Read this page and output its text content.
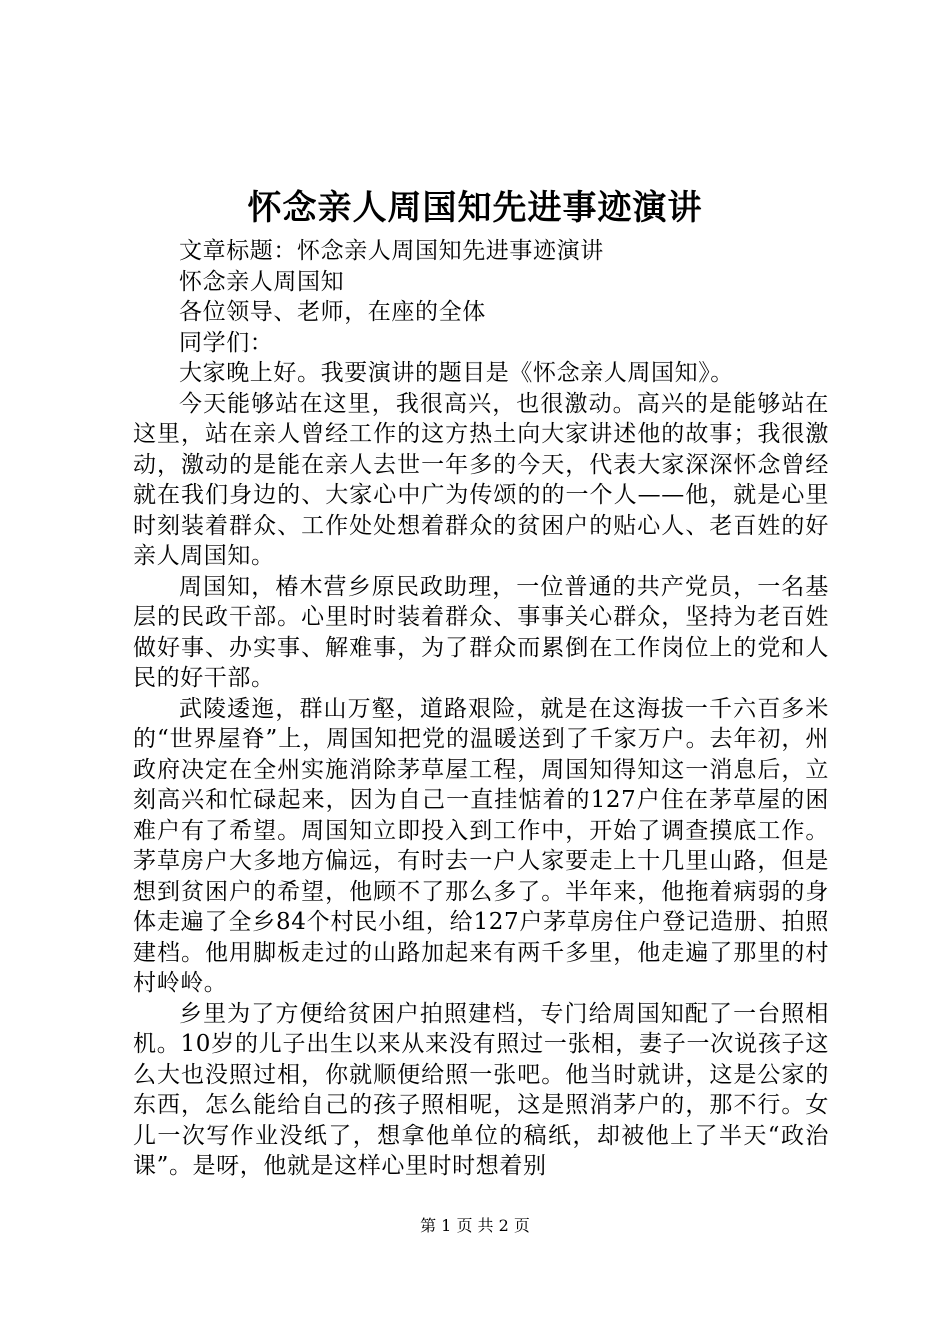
怀念亲人周国知先进事迹演讲

文章标题：怀念亲人周国知先进事迹演讲

怀念亲人周国知

各位领导、老师，在座的全体

同学们：

大家晚上好。我要演讲的题目是《怀念亲人周国知》。

今天能够站在这里，我很高兴，也很激动。高兴的是能够站在这里，站在亲人曾经工作的这方热土向大家讲述他的故事；我很激动，激动的是能在亲人去世一年多的今天，代表大家深深怀念曾经就在我们身边的、大家心中广为传颂的的一个人——他，就是心里时刻装着群众、工作处处想着群众的贫困户的贴心人、老百姓的好亲人周国知。

周国知，椿木营乡原民政助理，一位普通的共产党员，一名基层的民政干部。心里时时装着群众、事事关心群众，坚持为老百姓做好事、办实事、解难事，为了群众而累倒在工作岗位上的党和人民的好干部。

武陵逶迤，群山万壑，道路艰险，就是在这海拔一千六百多米的“世界屋脊”上，周国知把党的温暖送到了千家万户。去年初，州政府决定在全州实施消除茅草屋工程，周国知得知这一消息后，立刻高兴和忙碌起来，因为自己一直挂惦着的127户住在茅草屋的困难户有了希望。周国知立即投入到工作中，开始了调查摸底工作。茅草房户大多地方偏远，有时去一户人家要走上十几里山路，但是想到贫困户的希望，他顾不了那么多了。半年来，他拖着病弱的身体走遍了全乡84个村民小组，给127户茅草房住户登记造册、拍照建档。他用脚板走过的山路加起来有两千多里，他走遍了那里的村村岭岭。

乡里为了方便给贫困户拍照建档，专门给周国知配了一台照相机。10岁的儿子出生以来从来没有照过一张相，妻子一次说孩子这么大也没照过相，你就顺便给照一张吧。他当时就讲，这是公家的东西，怎么能给自己的孩子照相呢，这是照消茅户的，那不行。女儿一次写作业没纸了，想拿他单位的稿纸，却被他上了半天“政治课”。是呀，他就是这样心里时时想着别

第 1 页 共 2 页
